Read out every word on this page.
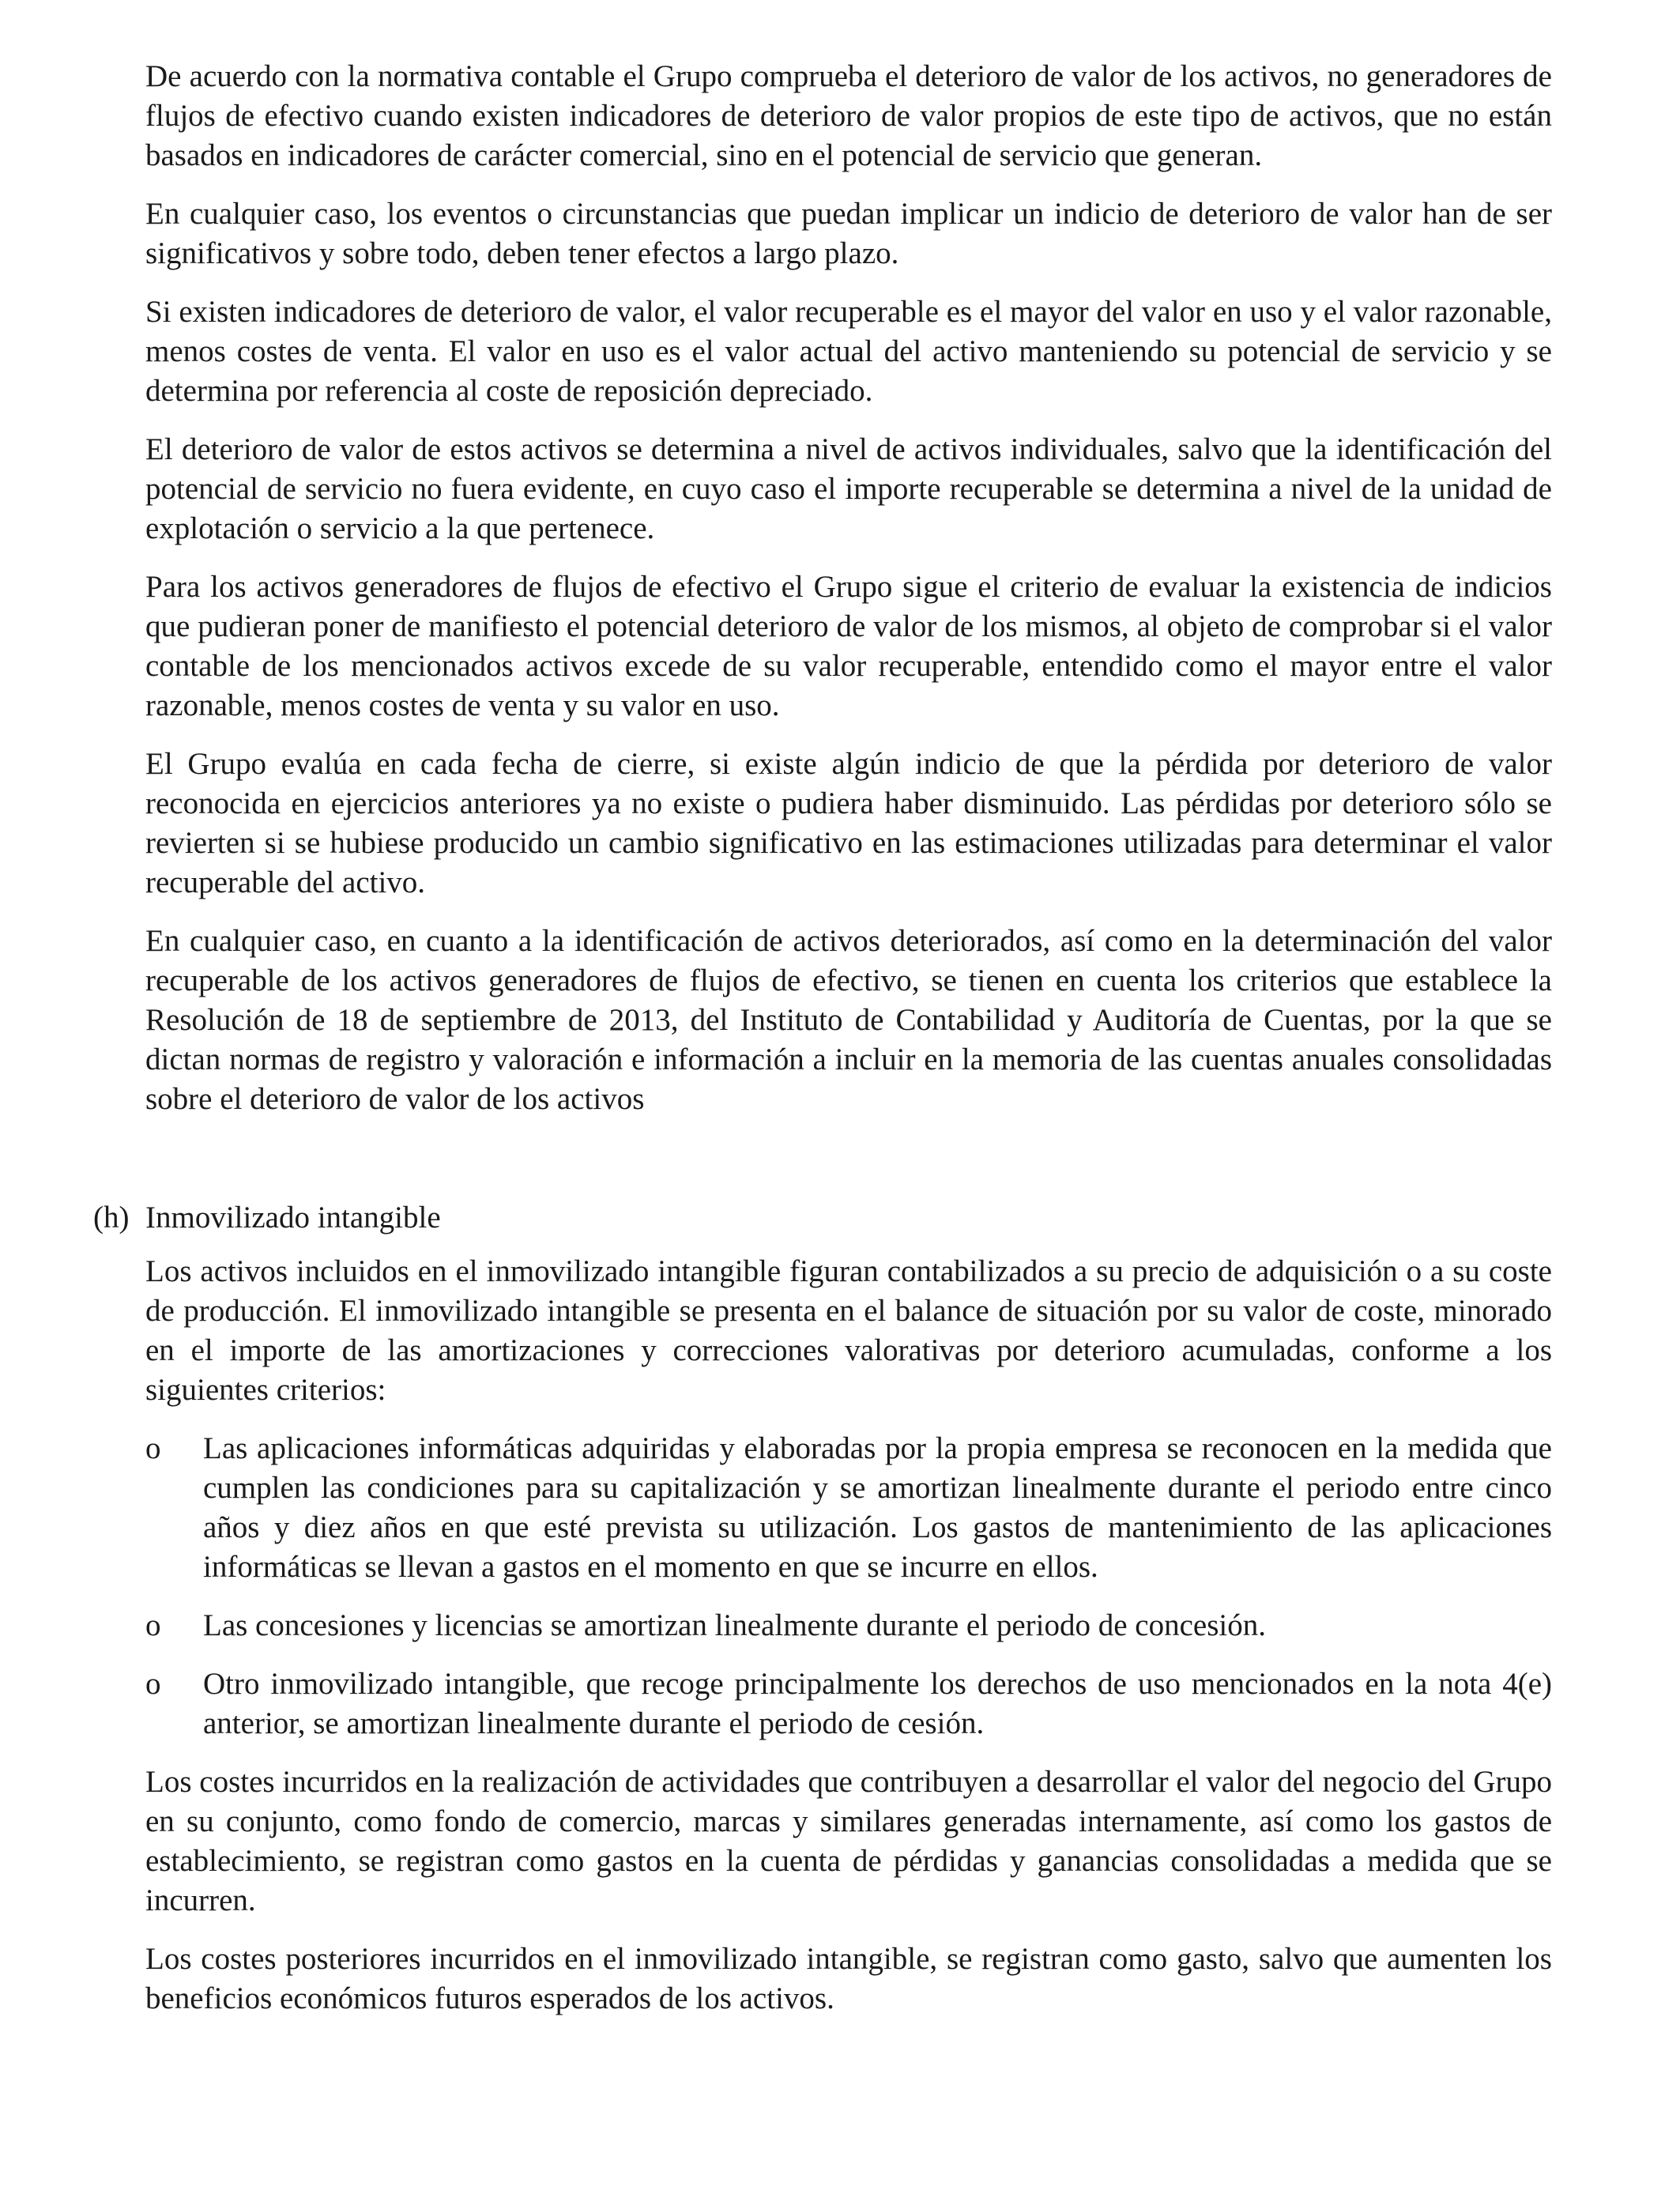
De acuerdo con la normativa contable el Grupo comprueba el deterioro de valor de los activos, no generadores de flujos de efectivo cuando existen indicadores de deterioro de valor propios de este tipo de activos, que no están basados en indicadores de carácter comercial, sino en el potencial de servicio que generan.

En cualquier caso, los eventos o circunstancias que puedan implicar un indicio de deterioro de valor han de ser significativos y sobre todo, deben tener efectos a largo plazo.

Si existen indicadores de deterioro de valor, el valor recuperable es el mayor del valor en uso y el valor razonable, menos costes de venta. El valor en uso es el valor actual del activo manteniendo su potencial de servicio y se determina por referencia al coste de reposición depreciado.

El deterioro de valor de estos activos se determina a nivel de activos individuales, salvo que la identificación del potencial de servicio no fuera evidente, en cuyo caso el importe recuperable se determina a nivel de la unidad de explotación o servicio a la que pertenece.

Para los activos generadores de flujos de efectivo el Grupo sigue el criterio de evaluar la existencia de indicios que pudieran poner de manifiesto el potencial deterioro de valor de los mismos, al objeto de comprobar si el valor contable de los mencionados activos excede de su valor recuperable, entendido como el mayor entre el valor razonable, menos costes de venta y su valor en uso.

El Grupo evalúa en cada fecha de cierre, si existe algún indicio de que la pérdida por deterioro de valor reconocida en ejercicios anteriores ya no existe o pudiera haber disminuido. Las pérdidas por deterioro sólo se revierten si se hubiese producido un cambio significativo en las estimaciones utilizadas para determinar el valor recuperable del activo.

En cualquier caso, en cuanto a la identificación de activos deteriorados, así como en la determinación del valor recuperable de los activos generadores de flujos de efectivo, se tienen en cuenta los criterios que establece la Resolución de 18 de septiembre de 2013, del Instituto de Contabilidad y Auditoría de Cuentas, por la que se dictan normas de registro y valoración e información a incluir en la memoria de las cuentas anuales consolidadas sobre el deterioro de valor de los activos

(h) Inmovilizado intangible

Los activos incluidos en el inmovilizado intangible figuran contabilizados a su precio de adquisición o a su coste de producción. El inmovilizado intangible se presenta en el balance de situación por su valor de coste, minorado en el importe de las amortizaciones y correcciones valorativas por deterioro acumuladas, conforme a los siguientes criterios:

o Las aplicaciones informáticas adquiridas y elaboradas por la propia empresa se reconocen en la medida que cumplen las condiciones para su capitalización y se amortizan linealmente durante el periodo entre cinco años y diez años en que esté prevista su utilización. Los gastos de mantenimiento de las aplicaciones informáticas se llevan a gastos en el momento en que se incurre en ellos.
o Las concesiones y licencias se amortizan linealmente durante el periodo de concesión.
o Otro inmovilizado intangible, que recoge principalmente los derechos de uso mencionados en la nota 4(e) anterior, se amortizan linealmente durante el periodo de cesión.

Los costes incurridos en la realización de actividades que contribuyen a desarrollar el valor del negocio del Grupo en su conjunto, como fondo de comercio, marcas y similares generadas internamente, así como los gastos de establecimiento, se registran como gastos en la cuenta de pérdidas y ganancias consolidadas a medida que se incurren.

Los costes posteriores incurridos en el inmovilizado intangible, se registran como gasto, salvo que aumenten los beneficios económicos futuros esperados de los activos.
